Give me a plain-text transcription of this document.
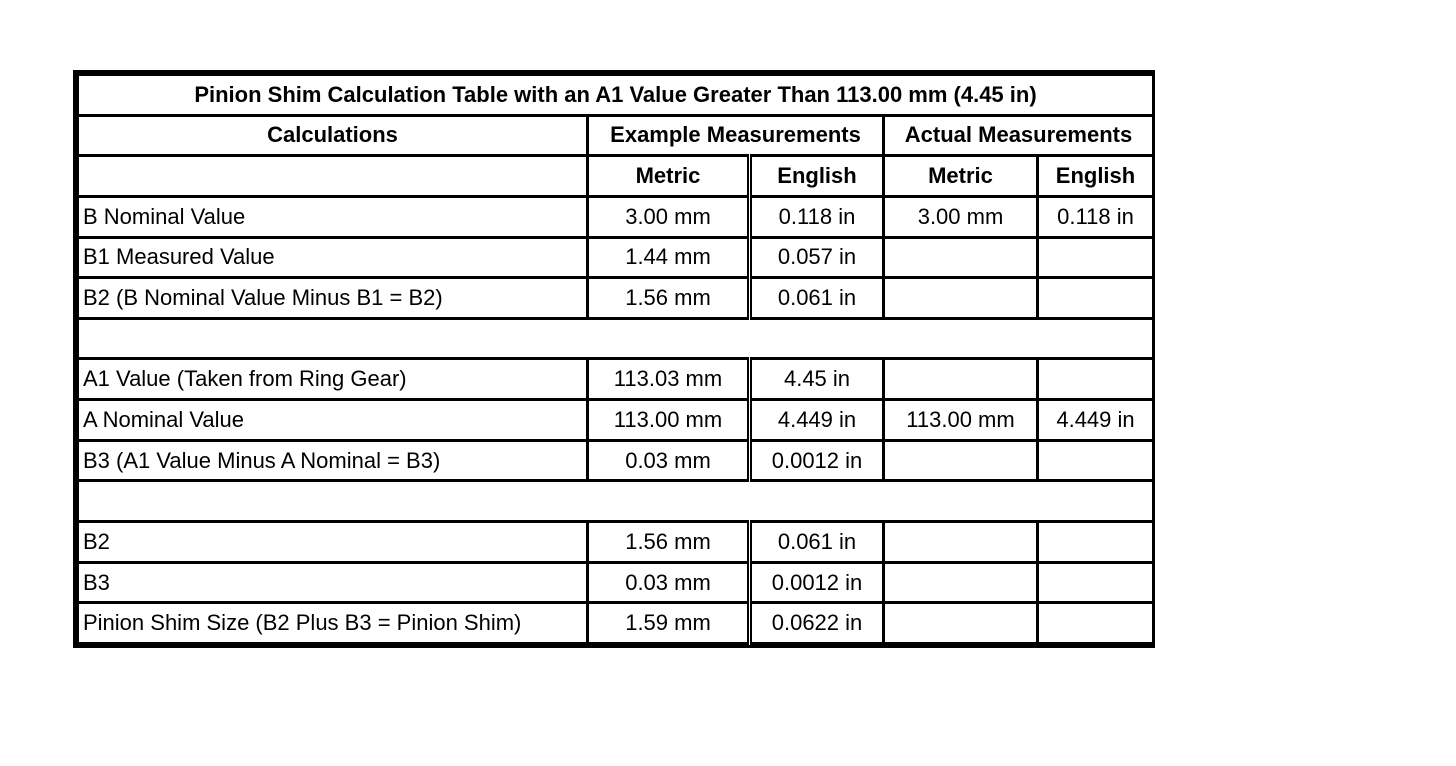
Pinion Shim Calculation Table with an A1 Value Greater Than 113.00 mm (4.45 in)				
Calculations	Example Measurements		Actual Measurements	
	Metric	English	Metric	English
B Nominal Value	3.00 mm	0.118 in	3.00 mm	0.118 in
B1 Measured Value	1.44 mm	0.057 in		
B2 (B Nominal Value Minus B1 = B2)	1.56 mm	0.061 in		

A1 Value (Taken from Ring Gear)	113.03 mm	4.45 in		
A Nominal Value	113.00 mm	4.449 in	113.00 mm	4.449 in
B3 (A1 Value Minus A Nominal = B3)	0.03 mm	0.0012 in		

B2	1.56 mm	0.061 in		
B3	0.03 mm	0.0012 in		
Pinion Shim Size (B2 Plus B3 = Pinion Shim)	1.59 mm	0.0622 in		
